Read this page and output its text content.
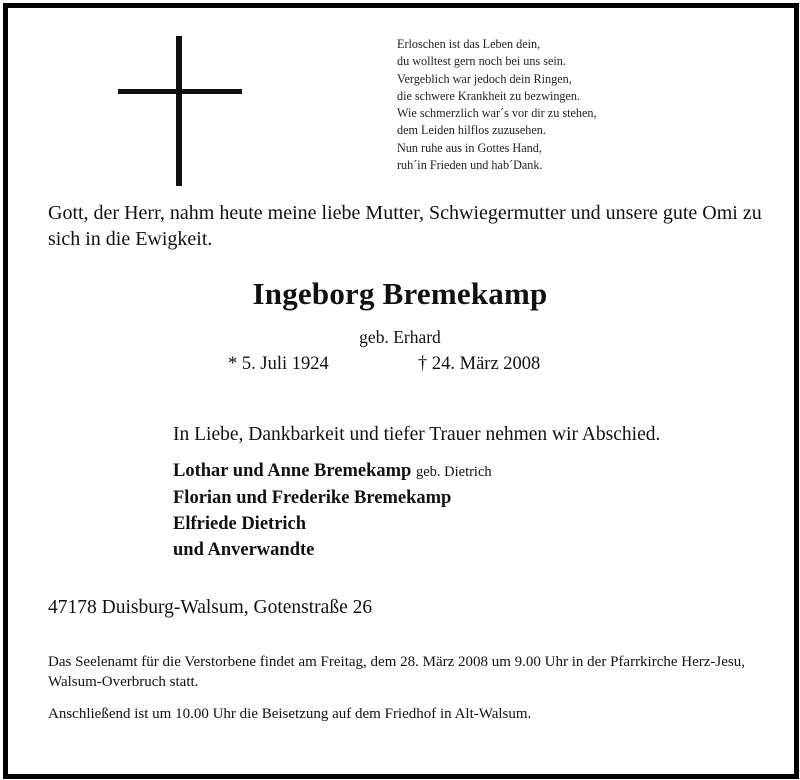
Erloschen ist das Leben dein,
du wolltest gern noch bei uns sein.
Vergeblich war jedoch dein Ringen,
die schwere Krankheit zu bezwingen.
Wie schmerzlich war´s vor dir zu stehen,
dem Leiden hilflos zuzusehen.
Nun ruhe aus in Gottes Hand,
ruh´in Frieden und hab´Dank.
Gott, der Herr, nahm heute meine liebe Mutter, Schwiegermutter und unsere gute Omi zu sich in die Ewigkeit.
Ingeborg Bremekamp
geb. Erhard
* 5. Juli 1924	† 24. März 2008
In Liebe, Dankbarkeit und tiefer Trauer nehmen wir Abschied.
Lothar und Anne Bremekamp geb. Dietrich
Florian und Frederike Bremekamp
Elfriede Dietrich
und Anverwandte
47178 Duisburg-Walsum, Gotenstraße 26
Das Seelenamt für die Verstorbene findet am Freitag, dem 28. März 2008 um 9.00 Uhr in der Pfarrkirche Herz-Jesu, Walsum-Overbruch statt.
Anschließend ist um 10.00 Uhr die Beisetzung auf dem Friedhof in Alt-Walsum.
